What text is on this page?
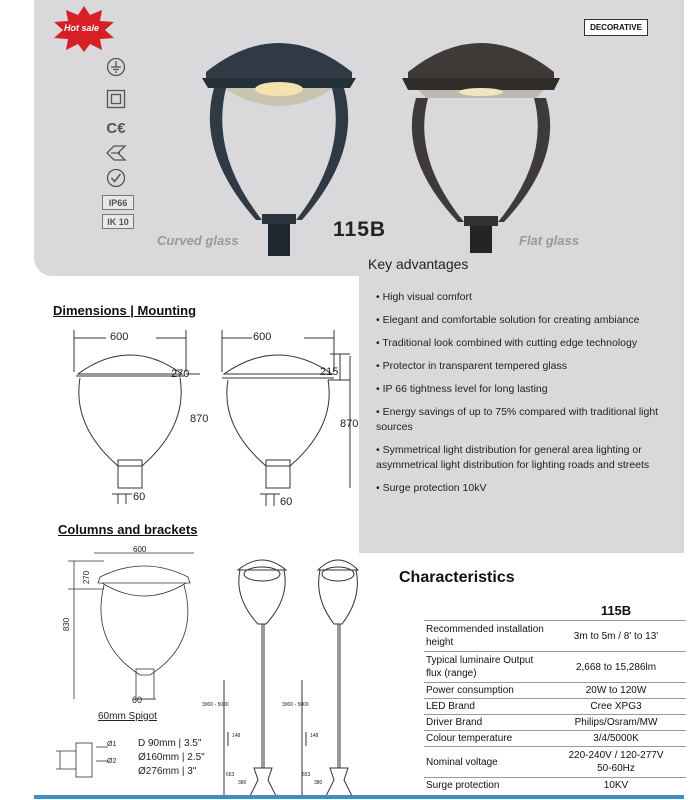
Hot sale
C€
IP66
IK 10
DECORATIVE
Curved glass	115B	Flat glass
Key advantages
• High visual comfort
• Elegant and comfortable solution for creating ambiance
• Traditional look combined with cutting edge technology
• Protector in transparent tempered glass
• IP 66 tightness level for long lasting
• Energy savings of up to 75% compared with traditional light sources
• Symmetrical light distribution for general area lighting or asymmetrical light distribution for lighting roads and streets
• Surge protection 10kV
Dimensions | Mounting
600
270
870
60
600
215
870
60
Columns and brackets
600
270
830
60
60mm Spigot
3000 - 5000	3000 - 5000
148	148
653	653
380	380
Ø1
Ø2
D 90mm | 3.5"
Ø160mm | 2.5"
Ø276mm | 3"
Characteristics
	115B
Recommended installation height	3m to 5m / 8' to 13'
Typical luminaire Output flux (range)	2,668 to 15,286lm
Power consumption	20W to 120W
LED Brand	Cree XPG3
Driver Brand	Philips/Osram/MW
Colour temperature	3/4/5000K
Nominal voltage	220-240V / 120-277V 50-60Hz
Surge protection	10KV
